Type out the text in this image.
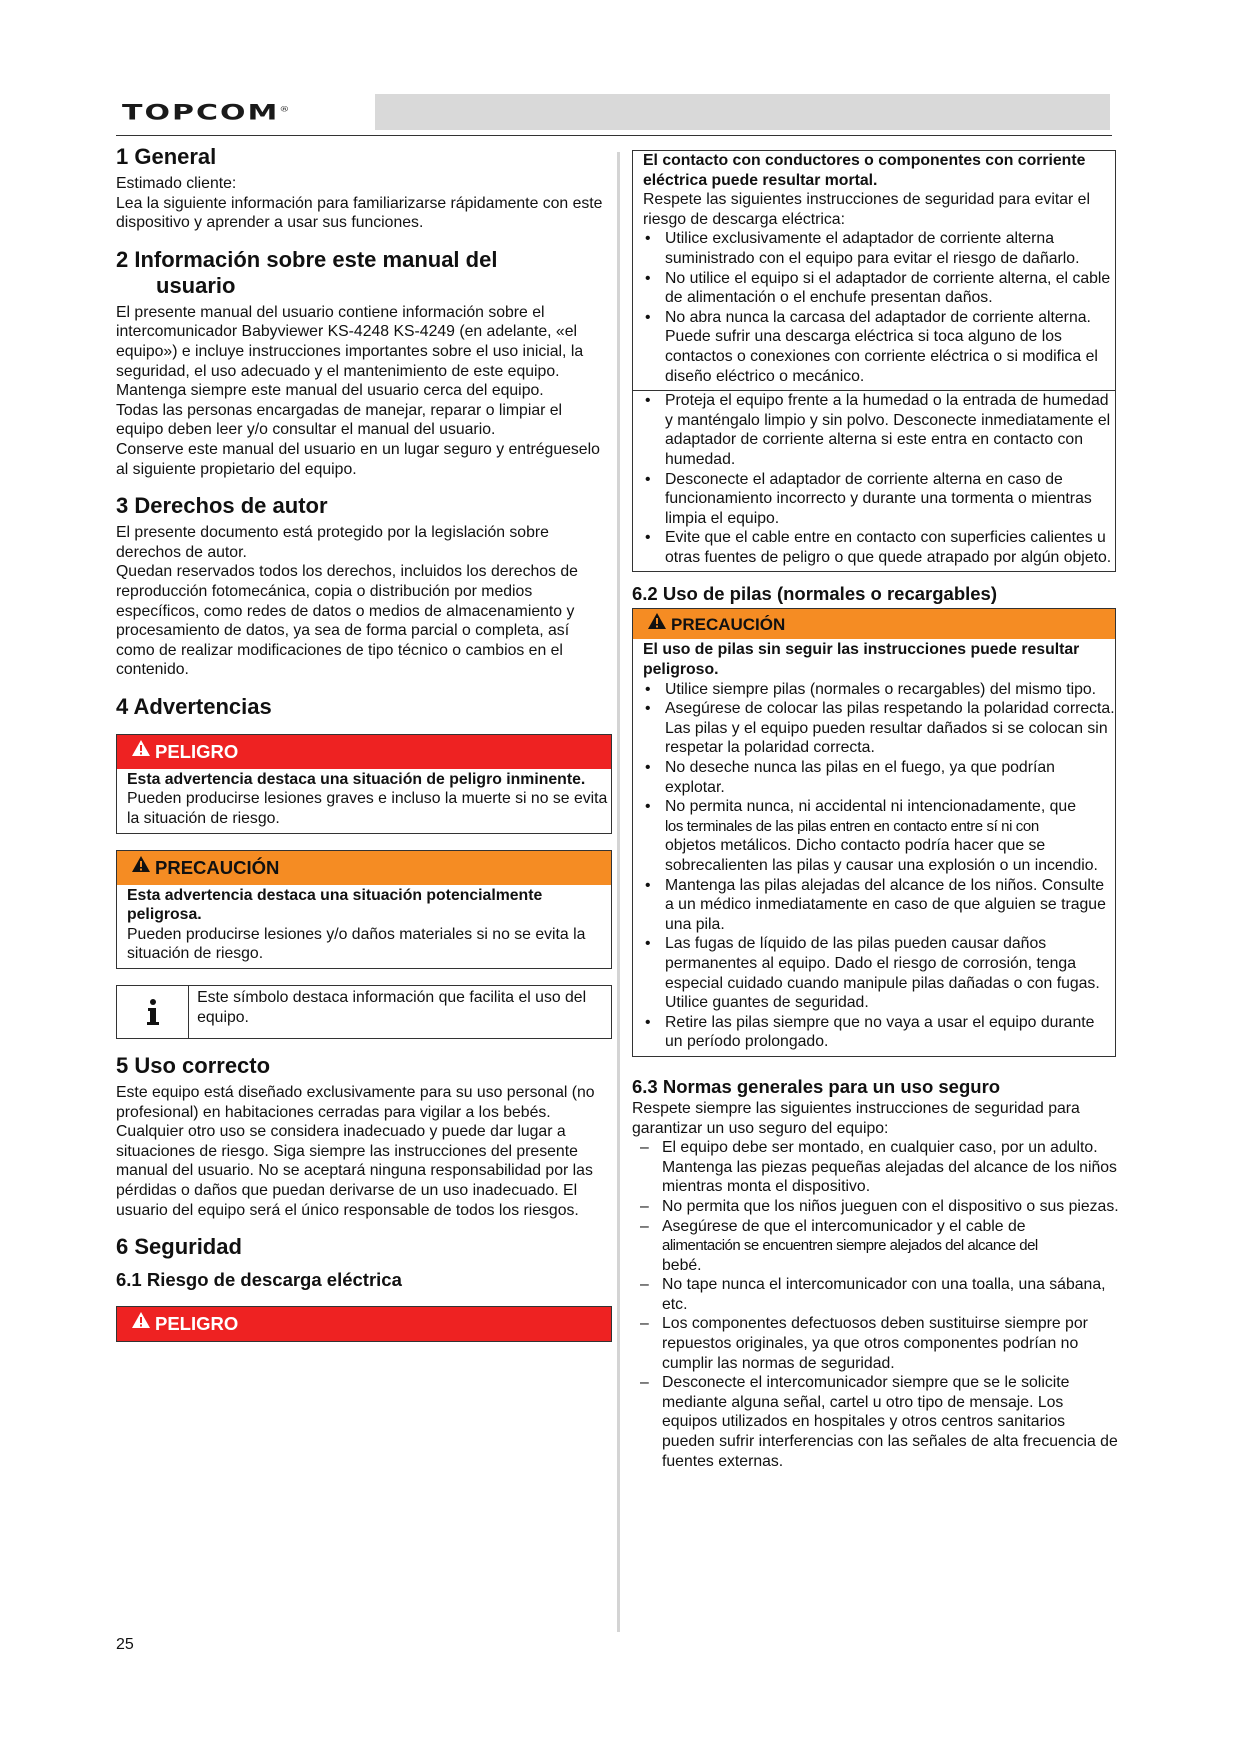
TOPCOM®
1 General

Estimado cliente:

Lea la siguiente información para familiarizarse rápidamente con este dispositivo y aprender a usar sus funciones.

2 Información sobre este manual del
usuario

El presente manual del usuario contiene información sobre el intercomunicador Babyviewer KS-4248 KS-4249 (en adelante, «el equipo») e incluye instrucciones importantes sobre el uso inicial, la seguridad, el uso adecuado y el mantenimiento de este equipo.

Mantenga siempre este manual del usuario cerca del equipo.

Todas las personas encargadas de manejar, reparar o limpiar el equipo deben leer y/o consultar el manual del usuario.

Conserve este manual del usuario en un lugar seguro y entrégueselo al siguiente propietario del equipo.

3 Derechos de autor

El presente documento está protegido por la legislación sobre derechos de autor.

Quedan reservados todos los derechos, incluidos los derechos de reproducción fotomecánica, copia o distribución por medios específicos, como redes de datos o medios de almacenamiento y procesamiento de datos, ya sea de forma parcial o completa, así como de realizar modificaciones de tipo técnico o cambios en el contenido.

4 Advertencias
PELIGRO

Esta advertencia destaca una situación de peligro inminente.

Pueden producirse lesiones graves e incluso la muerte si no se evita la situación de riesgo.

PRECAUCIÓN

Esta advertencia destaca una situación potencialmente peligrosa.

Pueden producirse lesiones y/o daños materiales si no se evita la situación de riesgo.

Este símbolo destaca información que facilita el uso del equipo.
5 Uso correcto

Este equipo está diseñado exclusivamente para su uso personal (no profesional) en habitaciones cerradas para vigilar a los bebés. Cualquier otro uso se considera inadecuado y puede dar lugar a situaciones de riesgo. Siga siempre las instrucciones del presente manual del usuario. No se aceptará ninguna responsabilidad por las pérdidas o daños que puedan derivarse de un uso inadecuado. El usuario del equipo será el único responsable de todos los riesgos.

6 Seguridad
6.1 Riesgo de descarga eléctrica
PELIGRO

El contacto con conductores o componentes con corriente eléctrica puede resultar mortal.

Respete las siguientes instrucciones de seguridad para evitar el riesgo de descarga eléctrica:

• Utilice exclusivamente el adaptador de corriente alterna suministrado con el equipo para evitar el riesgo de dañarlo.
• No utilice el equipo si el adaptador de corriente alterna, el cable de alimentación o el enchufe presentan daños.
• No abra nunca la carcasa del adaptador de corriente alterna. Puede sufrir una descarga eléctrica si toca alguno de los contactos o conexiones con corriente eléctrica o si modifica el diseño eléctrico o mecánico.
• Proteja el equipo frente a la humedad o la entrada de humedad y manténgalo limpio y sin polvo. Desconecte inmediatamente el adaptador de corriente alterna si este entra en contacto con humedad.
• Desconecte el adaptador de corriente alterna en caso de funcionamiento incorrecto y durante una tormenta o mientras limpia el equipo.
• Evite que el cable entre en contacto con superficies calientes u otras fuentes de peligro o que quede atrapado por algún objeto.
6.2 Uso de pilas (normales o recargables)
PRECAUCIÓN

El uso de pilas sin seguir las instrucciones puede resultar peligroso.

• Utilice siempre pilas (normales o recargables) del mismo tipo.
• Asegúrese de colocar las pilas respetando la polaridad correcta. Las pilas y el equipo pueden resultar dañados si se colocan sin respetar la polaridad correcta.
• No deseche nunca las pilas en el fuego, ya que podrían explotar.
• No permita nunca, ni accidental ni intencionadamente, que
los terminales de las pilas entren en contacto entre sí ni con
objetos metálicos. Dicho contacto podría hacer que se sobrecalienten las pilas y causar una explosión o un incendio.
• Mantenga las pilas alejadas del alcance de los niños. Consulte a un médico inmediatamente en caso de que alguien se trague una pila.
• Las fugas de líquido de las pilas pueden causar daños permanentes al equipo. Dado el riesgo de corrosión, tenga especial cuidado cuando manipule pilas dañadas o con fugas. Utilice guantes de seguridad.
• Retire las pilas siempre que no vaya a usar el equipo durante un período prolongado.
6.3 Normas generales para un uso seguro

Respete siempre las siguientes instrucciones de seguridad para garantizar un uso seguro del equipo:

– El equipo debe ser montado, en cualquier caso, por un adulto. Mantenga las piezas pequeñas alejadas del alcance de los niños mientras monta el dispositivo.
– No permita que los niños jueguen con el dispositivo o sus piezas.
– Asegúrese de que el intercomunicador y el cable de
alimentación se encuentren siempre alejados del alcance del
bebé.
– No tape nunca el intercomunicador con una toalla, una sábana, etc.
– Los componentes defectuosos deben sustituirse siempre por repuestos originales, ya que otros componentes podrían no cumplir las normas de seguridad.
– Desconecte el intercomunicador siempre que se le solicite mediante alguna señal, cartel u otro tipo de mensaje. Los equipos utilizados en hospitales y otros centros sanitarios pueden sufrir interferencias con las señales de alta frecuencia de fuentes externas.
25
